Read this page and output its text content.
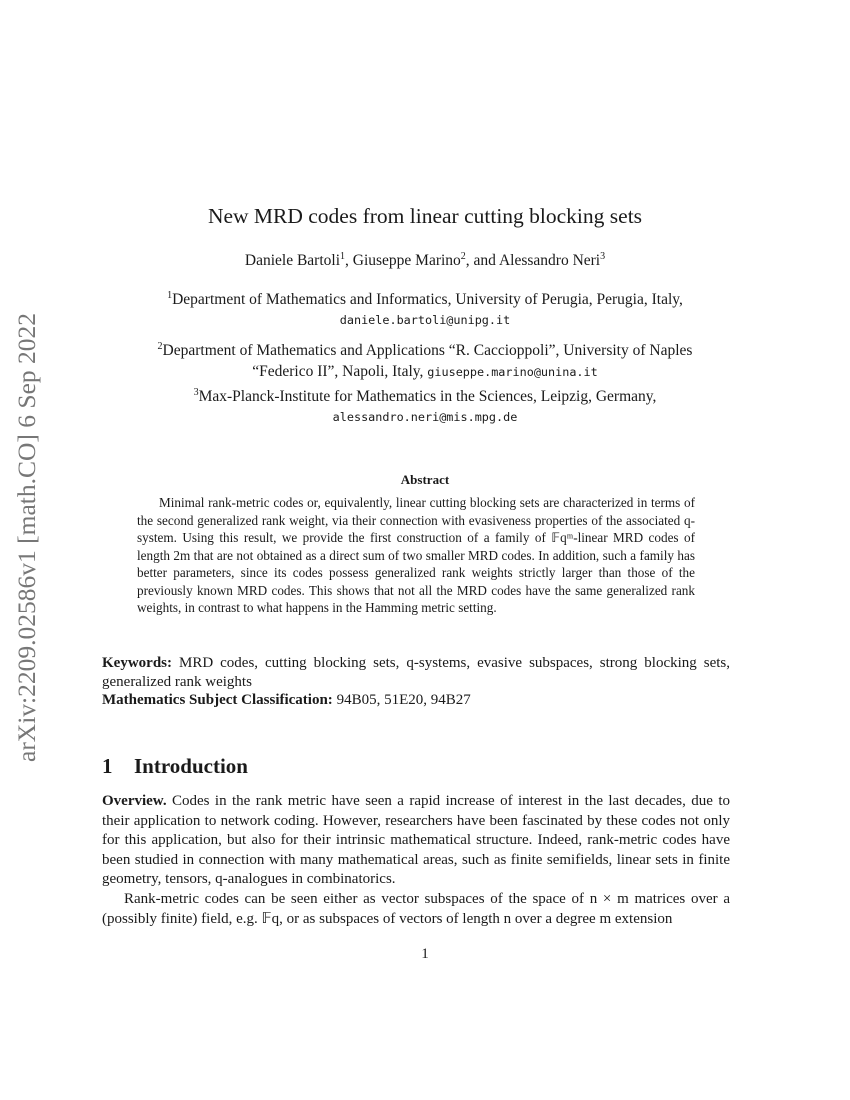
arXiv:2209.02586v1 [math.CO] 6 Sep 2022
New MRD codes from linear cutting blocking sets
Daniele Bartoli$^1$, Giuseppe Marino$^2$, and Alessandro Neri$^3$
$^1$Department of Mathematics and Informatics, University of Perugia, Perugia, Italy,
daniele.bartoli@unipg.it
$^2$Department of Mathematics and Applications “R. Caccioppoli”, University of Naples
“Federico II”, Napoli, Italy, giuseppe.marino@unina.it
$^3$Max-Planck-Institute for Mathematics in the Sciences, Leipzig, Germany,
alessandro.neri@mis.mpg.de
Abstract
Minimal rank-metric codes or, equivalently, linear cutting blocking sets are characterized in terms of the second generalized rank weight, via their connection with evasiveness properties of the associated q-system. Using this result, we provide the first construction of a family of 𝔽qᵐ-linear MRD codes of length 2m that are not obtained as a direct sum of two smaller MRD codes. In addition, such a family has better parameters, since its codes possess generalized rank weights strictly larger than those of the previously known MRD codes. This shows that not all the MRD codes have the same generalized rank weights, in contrast to what happens in the Hamming metric setting.
Keywords: MRD codes, cutting blocking sets, q-systems, evasive subspaces, strong blocking sets, generalized rank weights
Mathematics Subject Classification: 94B05, 51E20, 94B27
1 Introduction

Overview. Codes in the rank metric have seen a rapid increase of interest in the last decades, due to their application to network coding. However, researchers have been fascinated by these codes not only for this application, but also for their intrinsic mathematical structure. Indeed, rank-metric codes have been studied in connection with many mathematical areas, such as finite semifields, linear sets in finite geometry, tensors, q-analogues in combinatorics.

Rank-metric codes can be seen either as vector subspaces of the space of n × m matrices over a (possibly finite) field, e.g. 𝔽q, or as subspaces of vectors of length n over a degree m extension

1
